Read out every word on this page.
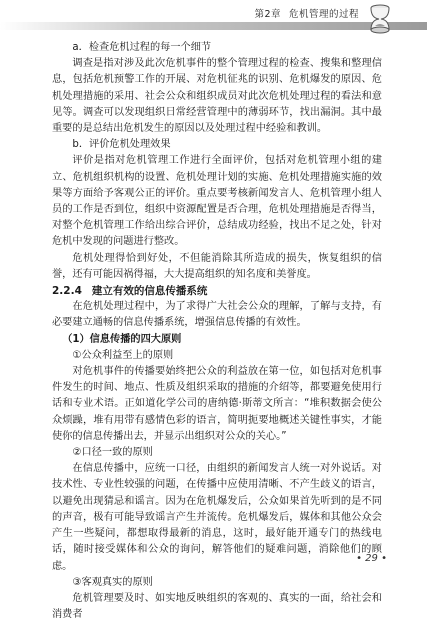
第2章 危机管理的过程

a．检查危机过程的每一个细节

调查是指对涉及此次危机事件的整个管理过程的检查、搜集和整理信息，包括危机预警工作的开展、对危机征兆的识别、危机爆发的原因、危机处理措施的采用、社会公众和组织成员对此次危机处理过程的看法和意见等。调查可以发现组织日常经营管理中的薄弱环节，找出漏洞。其中最重要的是总结出危机发生的原因以及处理过程中经验和教训。

b．评价危机处理效果

评价是指对危机管理工作进行全面评价，包括对危机管理小组的建立、危机组织机构的设置、危机处理计划的实施、危机处理措施实施的效果等方面给予客观公正的评价。重点要考核新闻发言人、危机管理小组人员的工作是否到位，组织中资源配置是否合理，危机处理措施是否得当，对整个危机管理工作给出综合评价，总结成功经验，找出不足之处，针对危机中发现的问题进行整改。

危机处理得恰到好处，不但能消除其所造成的损失，恢复组织的信誉，还有可能因祸得福，大大提高组织的知名度和美誉度。

2.2.4 建立有效的信息传播系统

在危机处理过程中，为了求得广大社会公众的理解，了解与支持，有必要建立通畅的信息传播系统，增强信息传播的有效性。

（1）信息传播的四大原则

①公众利益至上的原则

对危机事件的传播要始终把公众的利益放在第一位，如包括对危机事件发生的时间、地点、性质及组织采取的措施的介绍等，都要避免使用行话和专业术语。正如道化学公司的唐纳德·斯蒂文所言：“堆积数据会使公众烦躁，堆有用带有感情色彩的语言，简明扼要地概述关键性事实，才能使你的信息传播出去，并显示出组织对公众的关心。”

②口径一致的原则

在信息传播中，应统一口径，由组织的新闻发言人统一对外说话。对技术性、专业性较强的问题，在传播中应使用清晰、不产生歧义的语言，以避免出现猜忌和谣言。因为在危机爆发后，公众如果首先听到的是不同的声音，极有可能导致谣言产生并流传。危机爆发后，媒体和其他公众会产生一些疑问，都想取得最新的消息，这时，最好能开通专门的热线电话，随时接受媒体和公众的询问，解答他们的疑难问题，消除他们的顾虑。

③客观真实的原则

危机管理要及时、如实地反映组织的客观的、真实的一面，给社会和消费者

• 29 •
